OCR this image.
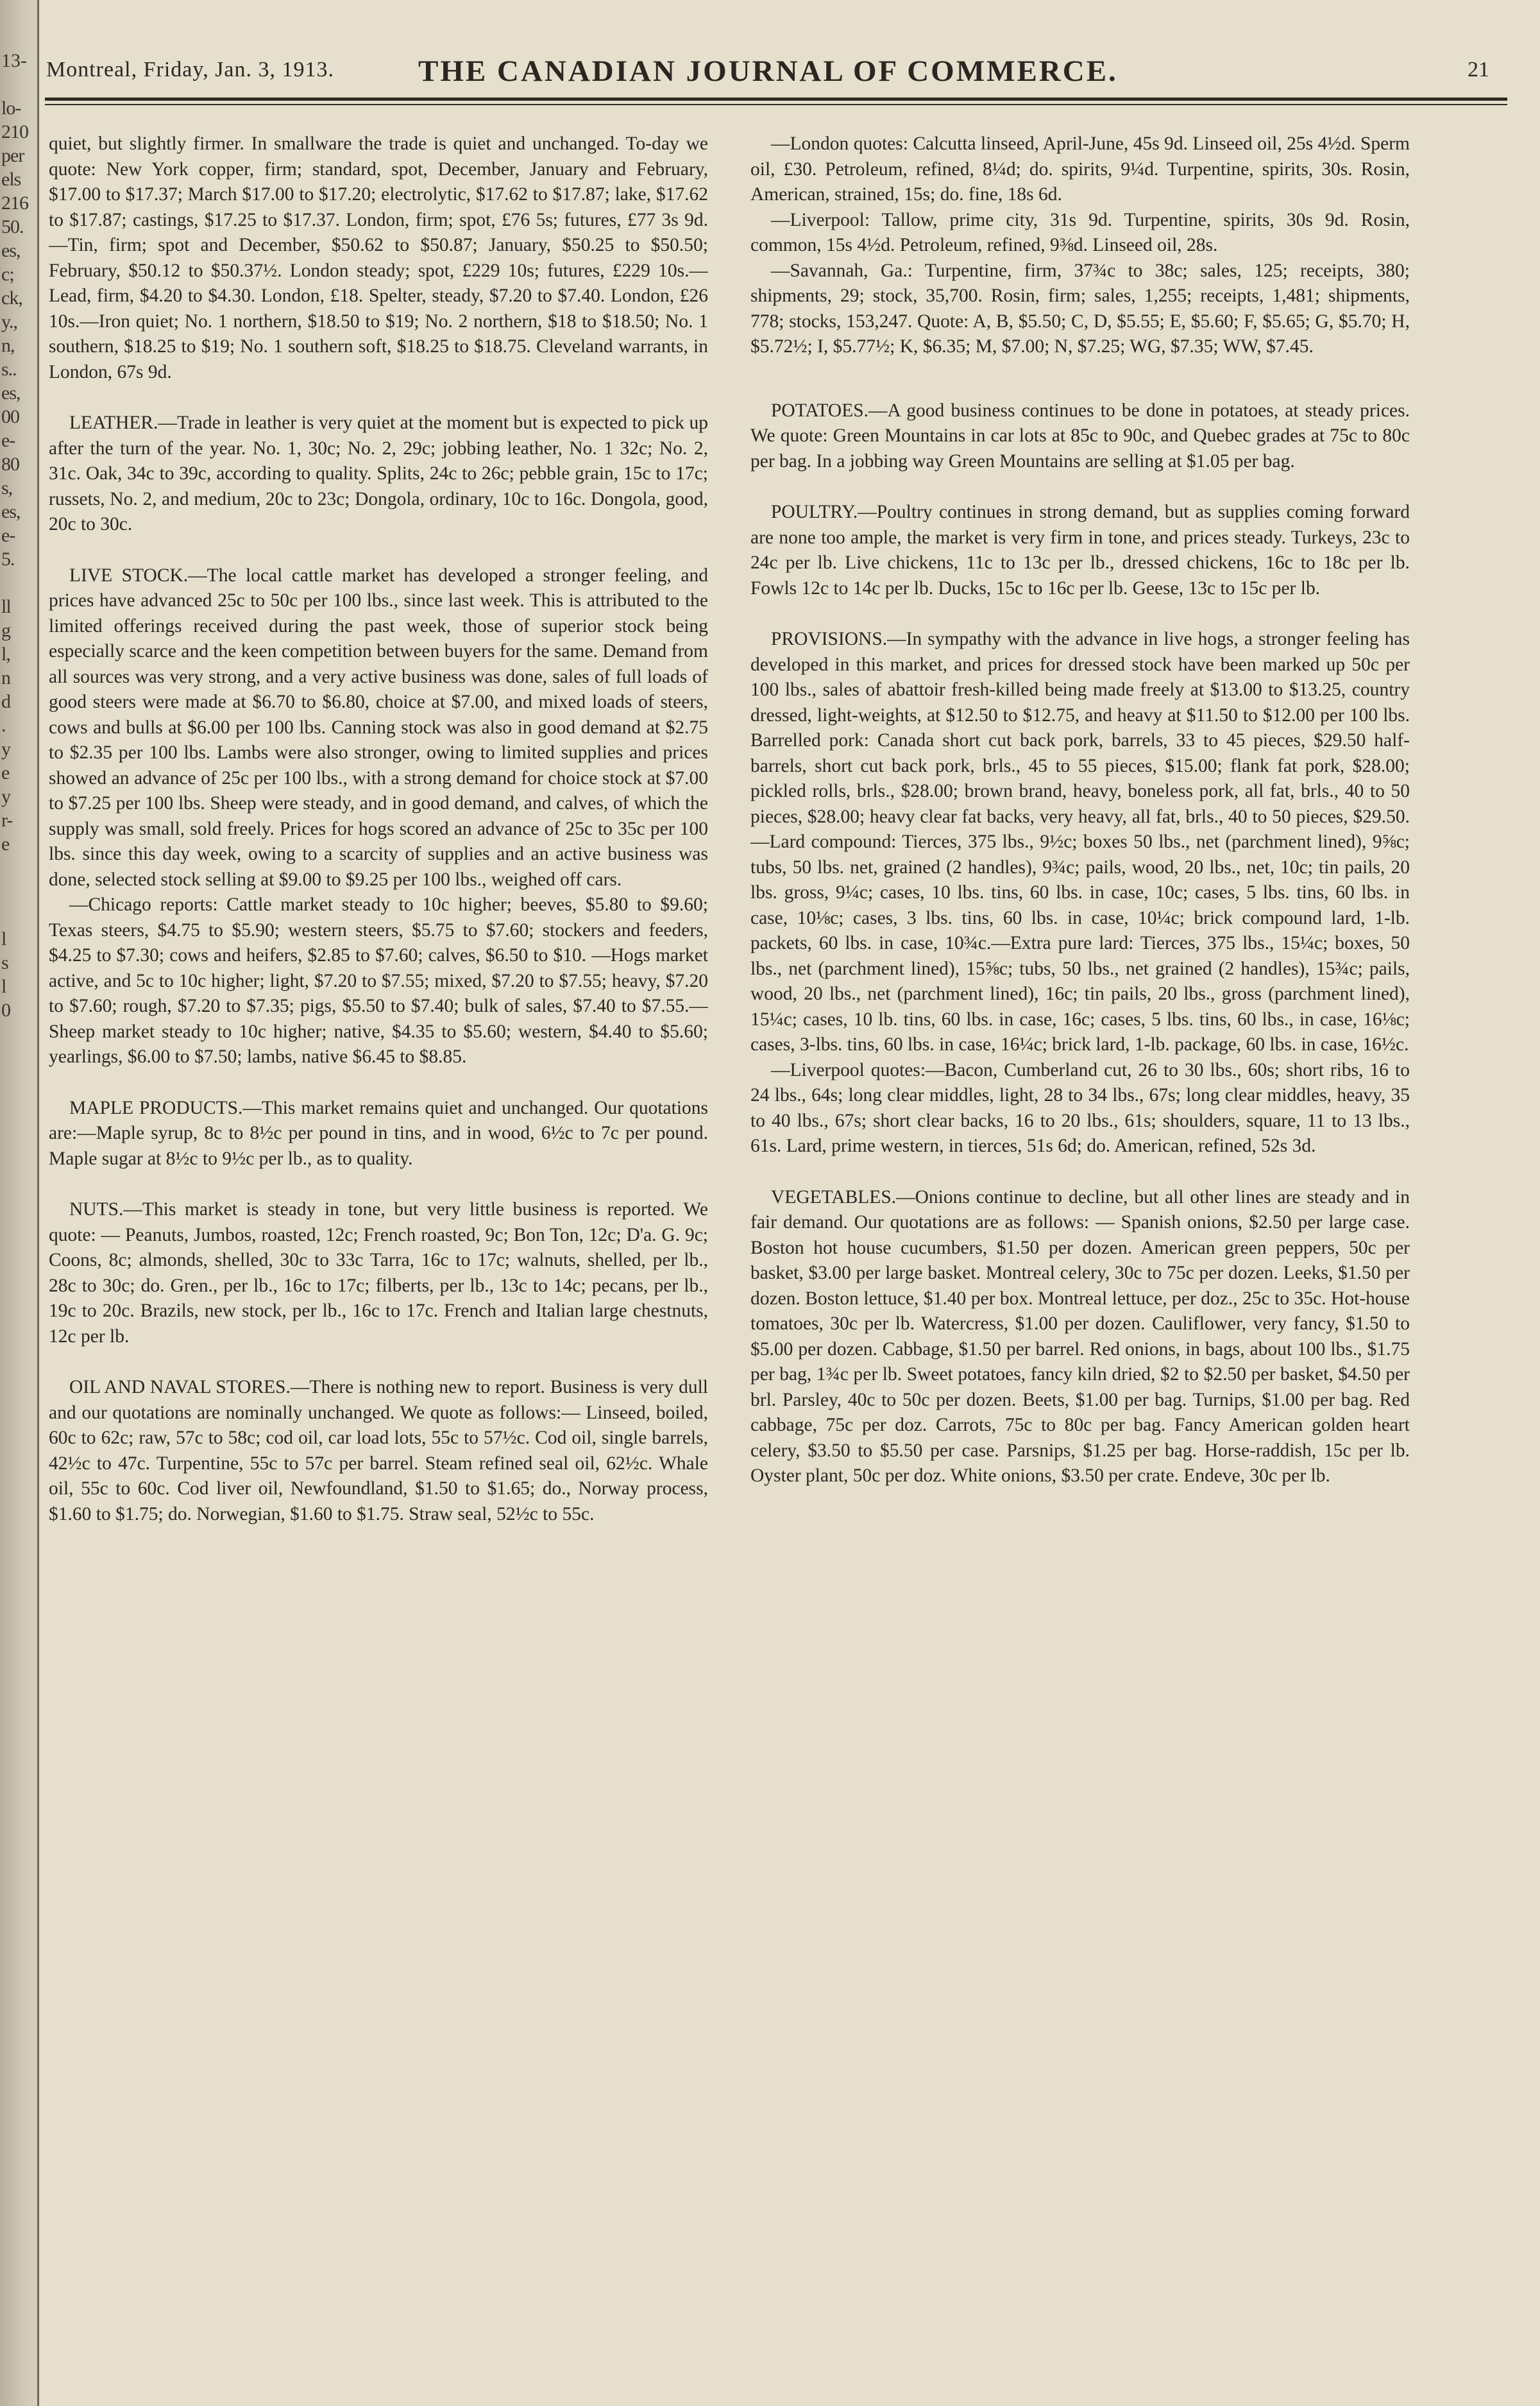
13-
lo-
210
per
els
216
50.
es,
c;
ck,
y.,
n,
s..
es,
00
e-
80
s,
es,
e-
5.

ll
g
l,
n
d
.
y
e
y
r-
e

l
s
l
0
Montreal, Friday, Jan. 3, 1913.	THE CANADIAN JOURNAL OF COMMERCE.	21

quiet, but slightly firmer. In smallware the trade is quiet and unchanged. To-day we quote: New York copper, firm; standard, spot, December, January and February, $17.00 to $17.37; March $17.00 to $17.20; electrolytic, $17.62 to $17.87; lake, $17.62 to $17.87; castings, $17.25 to $17.37. London, firm; spot, £76 5s; futures, £77 3s 9d.—Tin, firm; spot and December, $50.62 to $50.87; January, $50.25 to $50.50; February, $50.12 to $50.37½. London steady; spot, £229 10s; futures, £229 10s.—Lead, firm, $4.20 to $4.30. London, £18. Spelter, steady, $7.20 to $7.40. London, £26 10s.—Iron quiet; No. 1 northern, $18.50 to $19; No. 2 northern, $18 to $18.50; No. 1 southern, $18.25 to $19; No. 1 southern soft, $18.25 to $18.75. Cleveland warrants, in London, 67s 9d.

LEATHER.—Trade in leather is very quiet at the moment but is expected to pick up after the turn of the year. No. 1, 30c; No. 2, 29c; jobbing leather, No. 1 32c; No. 2, 31c. Oak, 34c to 39c, according to quality. Splits, 24c to 26c; pebble grain, 15c to 17c; russets, No. 2, and medium, 20c to 23c; Dongola, ordinary, 10c to 16c. Dongola, good, 20c to 30c.

LIVE STOCK.—The local cattle market has developed a stronger feeling, and prices have advanced 25c to 50c per 100 lbs., since last week. This is attributed to the limited offerings received during the past week, those of superior stock being especially scarce and the keen competition between buyers for the same. Demand from all sources was very strong, and a very active business was done, sales of full loads of good steers were made at $6.70 to $6.80, choice at $7.00, and mixed loads of steers, cows and bulls at $6.00 per 100 lbs. Canning stock was also in good demand at $2.75 to $2.35 per 100 lbs. Lambs were also stronger, owing to limited supplies and prices showed an advance of 25c per 100 lbs., with a strong demand for choice stock at $7.00 to $7.25 per 100 lbs. Sheep were steady, and in good demand, and calves, of which the supply was small, sold freely. Prices for hogs scored an advance of 25c to 35c per 100 lbs. since this day week, owing to a scarcity of supplies and an active business was done, selected stock selling at $9.00 to $9.25 per 100 lbs., weighed off cars.

—Chicago reports: Cattle market steady to 10c higher; beeves, $5.80 to $9.60; Texas steers, $4.75 to $5.90; western steers, $5.75 to $7.60; stockers and feeders, $4.25 to $7.30; cows and heifers, $2.85 to $7.60; calves, $6.50 to $10. —Hogs market active, and 5c to 10c higher; light, $7.20 to $7.55; mixed, $7.20 to $7.55; heavy, $7.20 to $7.60; rough, $7.20 to $7.35; pigs, $5.50 to $7.40; bulk of sales, $7.40 to $7.55.—Sheep market steady to 10c higher; native, $4.35 to $5.60; western, $4.40 to $5.60; yearlings, $6.00 to $7.50; lambs, native $6.45 to $8.85.

MAPLE PRODUCTS.—This market remains quiet and unchanged. Our quotations are:—Maple syrup, 8c to 8½c per pound in tins, and in wood, 6½c to 7c per pound. Maple sugar at 8½c to 9½c per lb., as to quality.

NUTS.—This market is steady in tone, but very little business is reported. We quote: — Peanuts, Jumbos, roasted, 12c; French roasted, 9c; Bon Ton, 12c; D'a. G. 9c; Coons, 8c; almonds, shelled, 30c to 33c Tarra, 16c to 17c; walnuts, shelled, per lb., 28c to 30c; do. Gren., per lb., 16c to 17c; filberts, per lb., 13c to 14c; pecans, per lb., 19c to 20c. Brazils, new stock, per lb., 16c to 17c. French and Italian large chestnuts, 12c per lb.

OIL AND NAVAL STORES.—There is nothing new to report. Business is very dull and our quotations are nominally unchanged. We quote as follows:— Linseed, boiled, 60c to 62c; raw, 57c to 58c; cod oil, car load lots, 55c to 57½c. Cod oil, single barrels, 42½c to 47c. Turpentine, 55c to 57c per barrel. Steam refined seal oil, 62½c. Whale oil, 55c to 60c. Cod liver oil, Newfoundland, $1.50 to $1.65; do., Norway process, $1.60 to $1.75; do. Norwegian, $1.60 to $1.75. Straw seal, 52½c to 55c.

—London quotes: Calcutta linseed, April-June, 45s 9d. Linseed oil, 25s 4½d. Sperm oil, £30. Petroleum, refined, 8¼d; do. spirits, 9¼d. Turpentine, spirits, 30s. Rosin, American, strained, 15s; do. fine, 18s 6d.

—Liverpool: Tallow, prime city, 31s 9d. Turpentine, spirits, 30s 9d. Rosin, common, 15s 4½d. Petroleum, refined, 9⅜d. Linseed oil, 28s.

—Savannah, Ga.: Turpentine, firm, 37¾c to 38c; sales, 125; receipts, 380; shipments, 29; stock, 35,700. Rosin, firm; sales, 1,255; receipts, 1,481; shipments, 778; stocks, 153,247. Quote: A, B, $5.50; C, D, $5.55; E, $5.60; F, $5.65; G, $5.70; H, $5.72½; I, $5.77½; K, $6.35; M, $7.00; N, $7.25; WG, $7.35; WW, $7.45.

POTATOES.—A good business continues to be done in potatoes, at steady prices. We quote: Green Mountains in car lots at 85c to 90c, and Quebec grades at 75c to 80c per bag. In a jobbing way Green Mountains are selling at $1.05 per bag.

POULTRY.—Poultry continues in strong demand, but as supplies coming forward are none too ample, the market is very firm in tone, and prices steady. Turkeys, 23c to 24c per lb. Live chickens, 11c to 13c per lb., dressed chickens, 16c to 18c per lb. Fowls 12c to 14c per lb. Ducks, 15c to 16c per lb. Geese, 13c to 15c per lb.

PROVISIONS.—In sympathy with the advance in live hogs, a stronger feeling has developed in this market, and prices for dressed stock have been marked up 50c per 100 lbs., sales of abattoir fresh-killed being made freely at $13.00 to $13.25, country dressed, light-weights, at $12.50 to $12.75, and heavy at $11.50 to $12.00 per 100 lbs. Barrelled pork: Canada short cut back pork, barrels, 33 to 45 pieces, $29.50 half-barrels, short cut back pork, brls., 45 to 55 pieces, $15.00; flank fat pork, $28.00; pickled rolls, brls., $28.00; brown brand, heavy, boneless pork, all fat, brls., 40 to 50 pieces, $28.00; heavy clear fat backs, very heavy, all fat, brls., 40 to 50 pieces, $29.50.—Lard compound: Tierces, 375 lbs., 9½c; boxes 50 lbs., net (parchment lined), 9⅝c; tubs, 50 lbs. net, grained (2 handles), 9¾c; pails, wood, 20 lbs., net, 10c; tin pails, 20 lbs. gross, 9¼c; cases, 10 lbs. tins, 60 lbs. in case, 10c; cases, 5 lbs. tins, 60 lbs. in case, 10⅛c; cases, 3 lbs. tins, 60 lbs. in case, 10¼c; brick compound lard, 1-lb. packets, 60 lbs. in case, 10¾c.—Extra pure lard: Tierces, 375 lbs., 15¼c; boxes, 50 lbs., net (parchment lined), 15⅝c; tubs, 50 lbs., net grained (2 handles), 15¾c; pails, wood, 20 lbs., net (parchment lined), 16c; tin pails, 20 lbs., gross (parchment lined), 15¼c; cases, 10 lb. tins, 60 lbs. in case, 16c; cases, 5 lbs. tins, 60 lbs., in case, 16⅛c; cases, 3-lbs. tins, 60 lbs. in case, 16¼c; brick lard, 1-lb. package, 60 lbs. in case, 16½c.

—Liverpool quotes:—Bacon, Cumberland cut, 26 to 30 lbs., 60s; short ribs, 16 to 24 lbs., 64s; long clear middles, light, 28 to 34 lbs., 67s; long clear middles, heavy, 35 to 40 lbs., 67s; short clear backs, 16 to 20 lbs., 61s; shoulders, square, 11 to 13 lbs., 61s. Lard, prime western, in tierces, 51s 6d; do. American, refined, 52s 3d.

VEGETABLES.—Onions continue to decline, but all other lines are steady and in fair demand. Our quotations are as follows: — Spanish onions, $2.50 per large case. Boston hot house cucumbers, $1.50 per dozen. American green peppers, 50c per basket, $3.00 per large basket. Montreal celery, 30c to 75c per dozen. Leeks, $1.50 per dozen. Boston lettuce, $1.40 per box. Montreal lettuce, per doz., 25c to 35c. Hot-house tomatoes, 30c per lb. Watercress, $1.00 per dozen. Cauliflower, very fancy, $1.50 to $5.00 per dozen. Cabbage, $1.50 per barrel. Red onions, in bags, about 100 lbs., $1.75 per bag, 1¾c per lb. Sweet potatoes, fancy kiln dried, $2 to $2.50 per basket, $4.50 per brl. Parsley, 40c to 50c per dozen. Beets, $1.00 per bag. Turnips, $1.00 per bag. Red cabbage, 75c per doz. Carrots, 75c to 80c per bag. Fancy American golden heart celery, $3.50 to $5.50 per case. Parsnips, $1.25 per bag. Horse-raddish, 15c per lb. Oyster plant, 50c per doz. White onions, $3.50 per crate. Endeve, 30c per lb.
